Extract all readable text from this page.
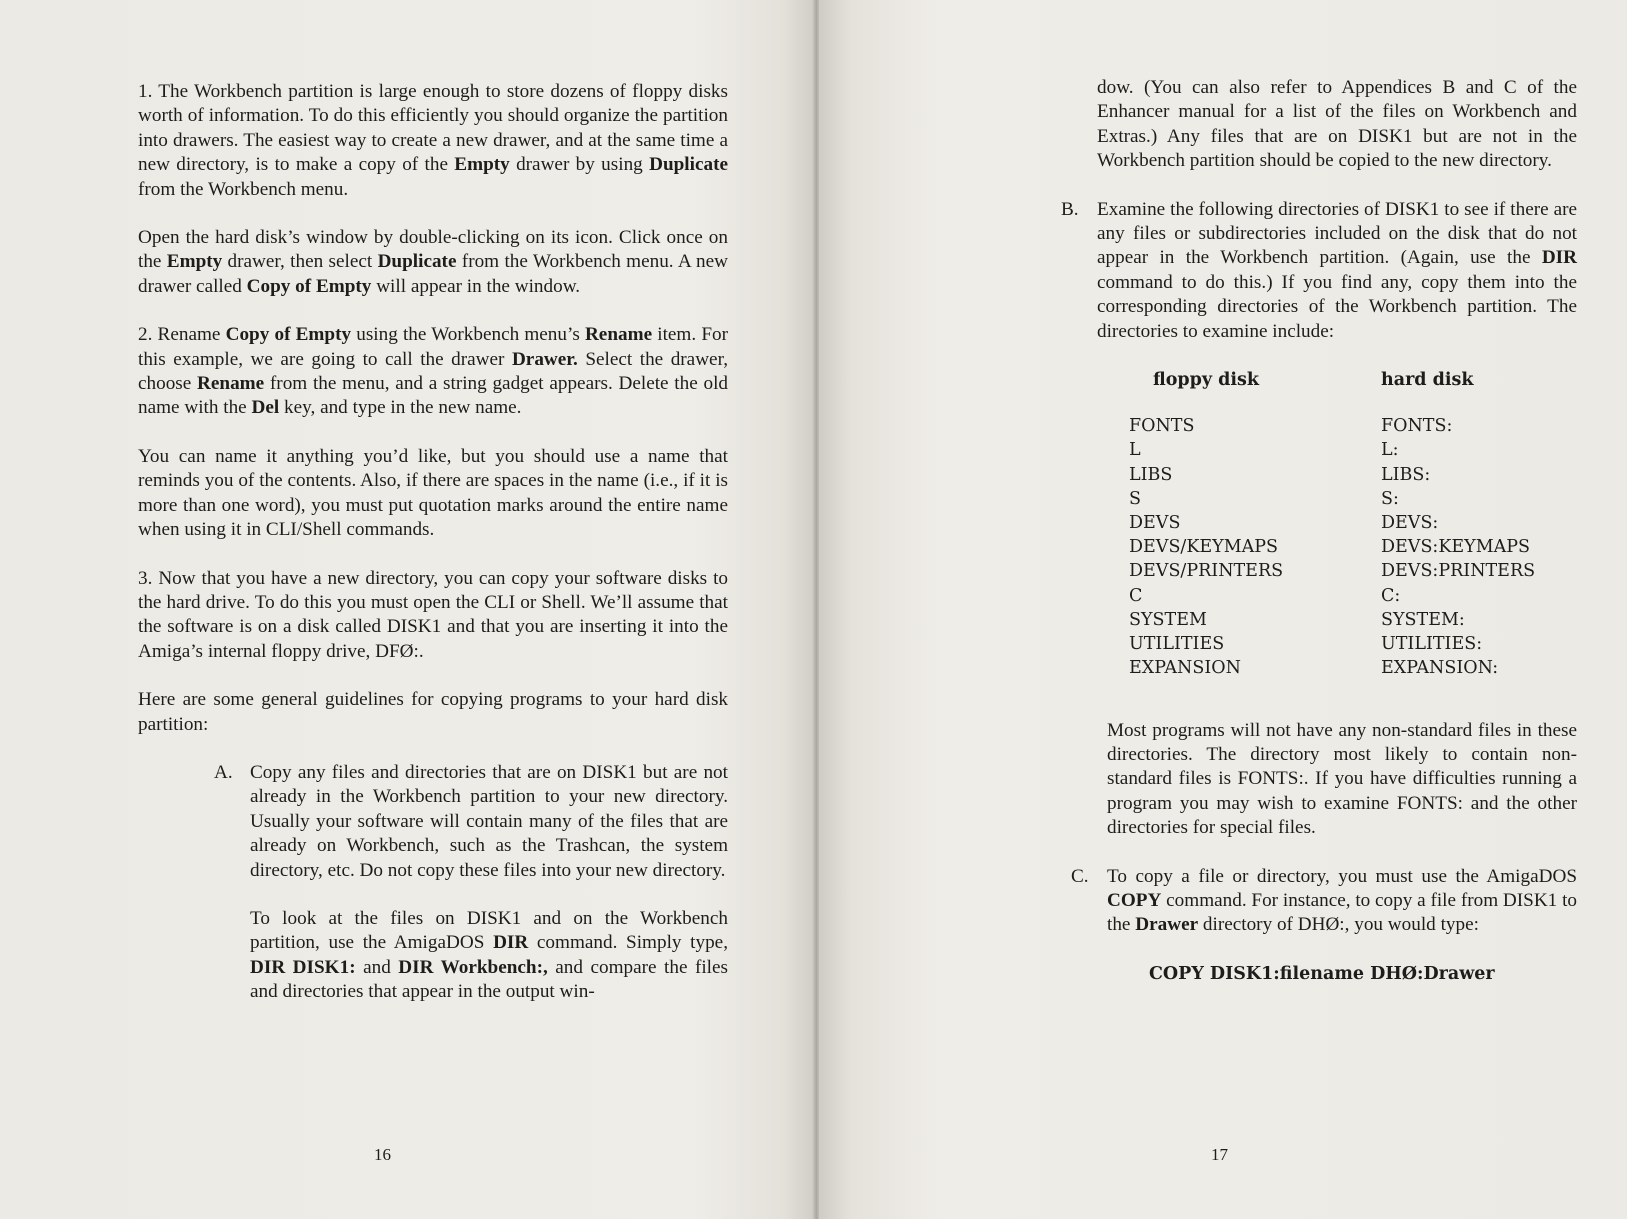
1. The Workbench partition is large enough to store dozens of floppy disks worth of information. To do this efficiently you should organize the partition into drawers. The easiest way to create a new drawer, and at the same time a new directory, is to make a copy of the Empty drawer by using Duplicate from the Workbench menu.

Open the hard disk’s window by double-clicking on its icon. Click once on the Empty drawer, then select Duplicate from the Workbench menu. A new drawer called Copy of Empty will appear in the window.

2. Rename Copy of Empty using the Workbench menu’s Rename item. For this example, we are going to call the drawer Drawer. Select the drawer, choose Rename from the menu, and a string gadget appears. Delete the old name with the Del key, and type in the new name.

You can name it anything you’d like, but you should use a name that reminds you of the contents. Also, if there are spaces in the name (i.e., if it is more than one word), you must put quotation marks around the entire name when using it in CLI/Shell commands.

3. Now that you have a new directory, you can copy your software disks to the hard drive. To do this you must open the CLI or Shell. We’ll assume that the software is on a disk called DISK1 and that you are inserting it into the Amiga’s internal floppy drive, DFØ:.

Here are some general guidelines for copying programs to your hard disk partition:

A. Copy any files and directories that are on DISK1 but are not already in the Workbench partition to your new directory. Usually your software will contain many of the files that are already on Workbench, such as the Trashcan, the system directory, etc. Do not copy these files into your new directory.

To look at the files on DISK1 and on the Workbench partition, use the AmigaDOS DIR command. Simply type, DIR DISK1: and DIR Workbench:, and compare the files and directories that appear in the output win-

16

dow. (You can also refer to Appendices B and C of the Enhancer manual for a list of the files on Workbench and Extras.) Any files that are on DISK1 but are not in the Workbench partition should be copied to the new directory.

B. Examine the following directories of DISK1 to see if there are any files or subdirectories included on the disk that do not appear in the Workbench partition. (Again, use the DIR command to do this.) If you find any, copy them into the corresponding directories of the Workbench partition. The directories to examine include:

floppy disk	hard disk
FONTS	FONTS:
L	L:
LIBS	LIBS:
S	S:
DEVS	DEVS:
DEVS/KEYMAPS	DEVS:KEYMAPS
DEVS/PRINTERS	DEVS:PRINTERS
C	C:
SYSTEM	SYSTEM:
UTILITIES	UTILITIES:
EXPANSION	EXPANSION:

Most programs will not have any non-standard files in these directories. The directory most likely to contain non-standard files is FONTS:. If you have difficulties running a program you may wish to examine FONTS: and the other directories for special files.

C. To copy a file or directory, you must use the AmigaDOS COPY command. For instance, to copy a file from DISK1 to the Drawer directory of DHØ:, you would type:

COPY DISK1:filename DHØ:Drawer
17
